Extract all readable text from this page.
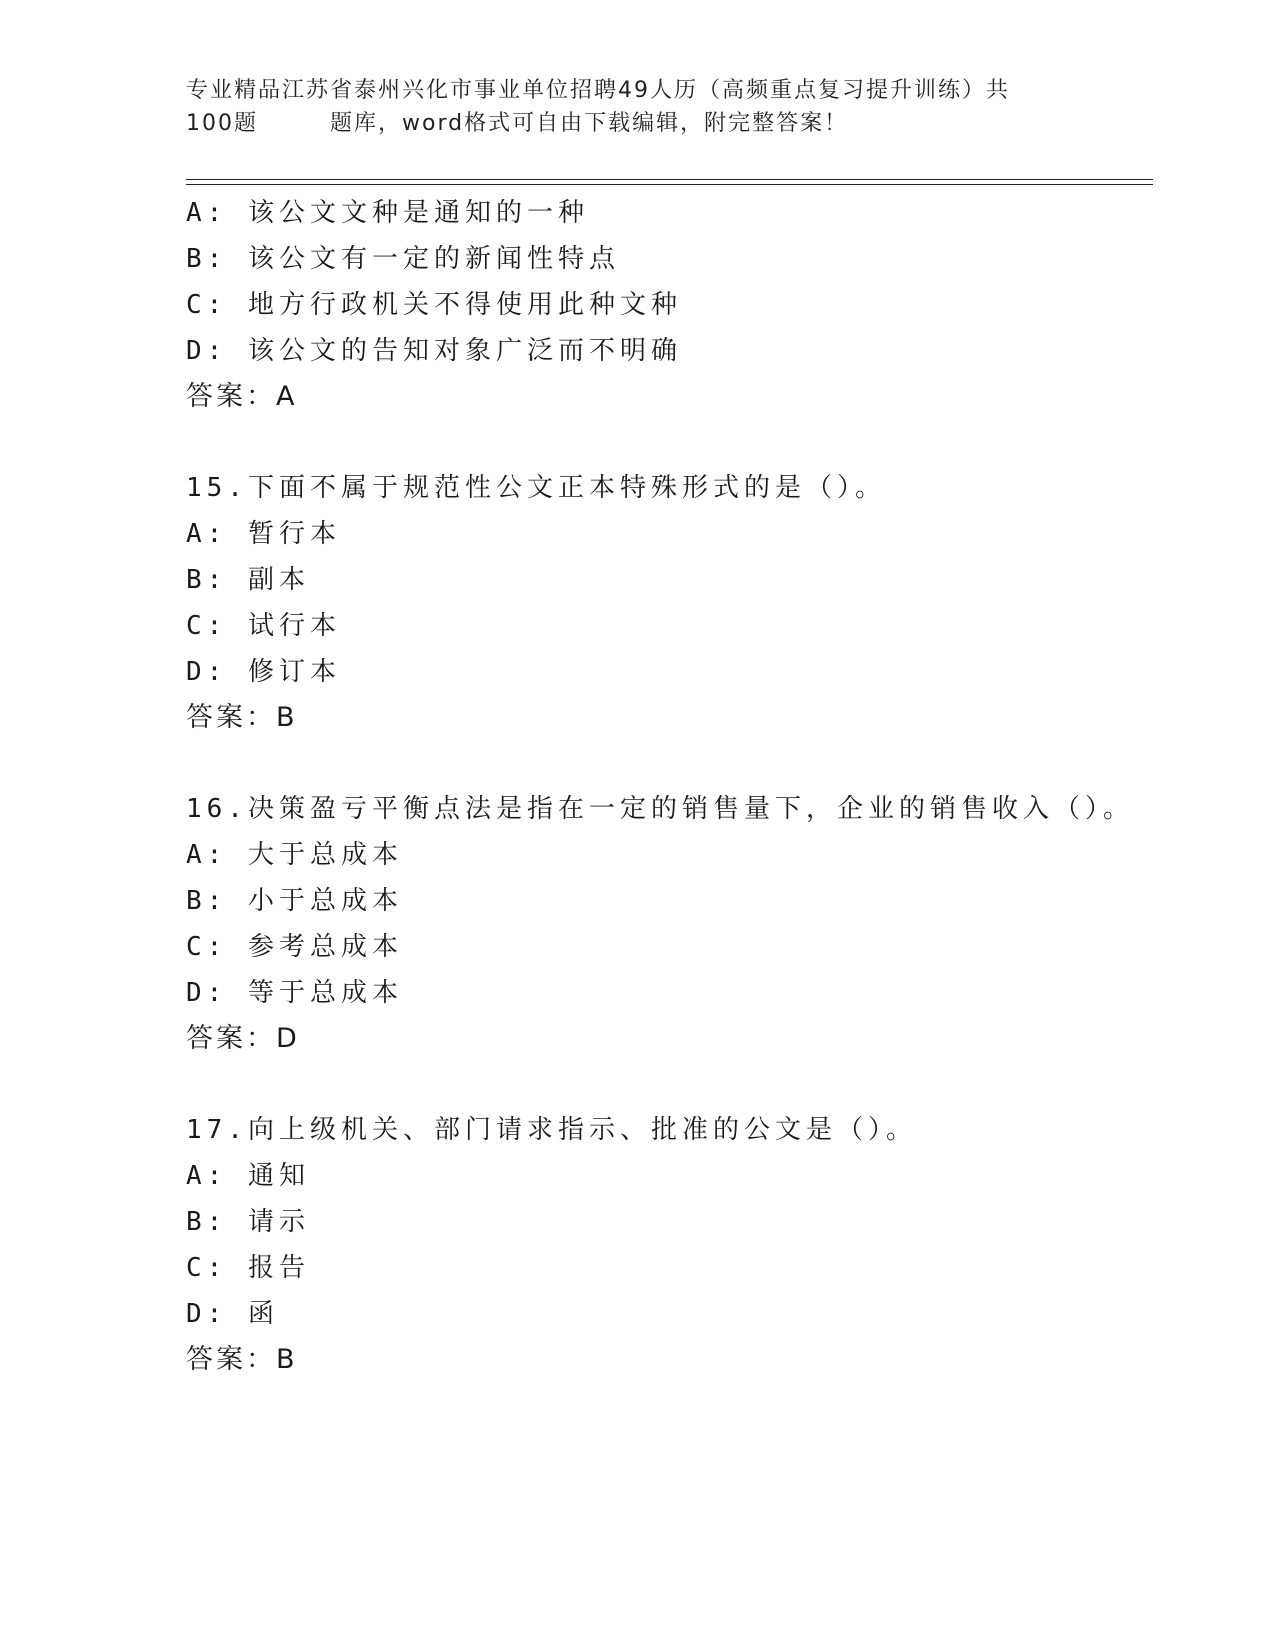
专业精品江苏省泰州兴化市事业单位招聘49人历（高频重点复习提升训练）共
100题	题库，word格式可自由下载编辑，附完整答案！
A: 该公文文种是通知的一种
B: 该公文有一定的新闻性特点
C: 地方行政机关不得使用此种文种
D: 该公文的告知对象广泛而不明确
答案：A
15.下面不属于规范性公文正本特殊形式的是（）。
A: 暂行本
B: 副本
C: 试行本
D: 修订本
答案：B
16.决策盈亏平衡点法是指在一定的销售量下，企业的销售收入（）。
A: 大于总成本
B: 小于总成本
C: 参考总成本
D: 等于总成本
答案：D
17.向上级机关、部门请求指示、批准的公文是（）。
A: 通知
B: 请示
C: 报告
D: 函
答案：B
